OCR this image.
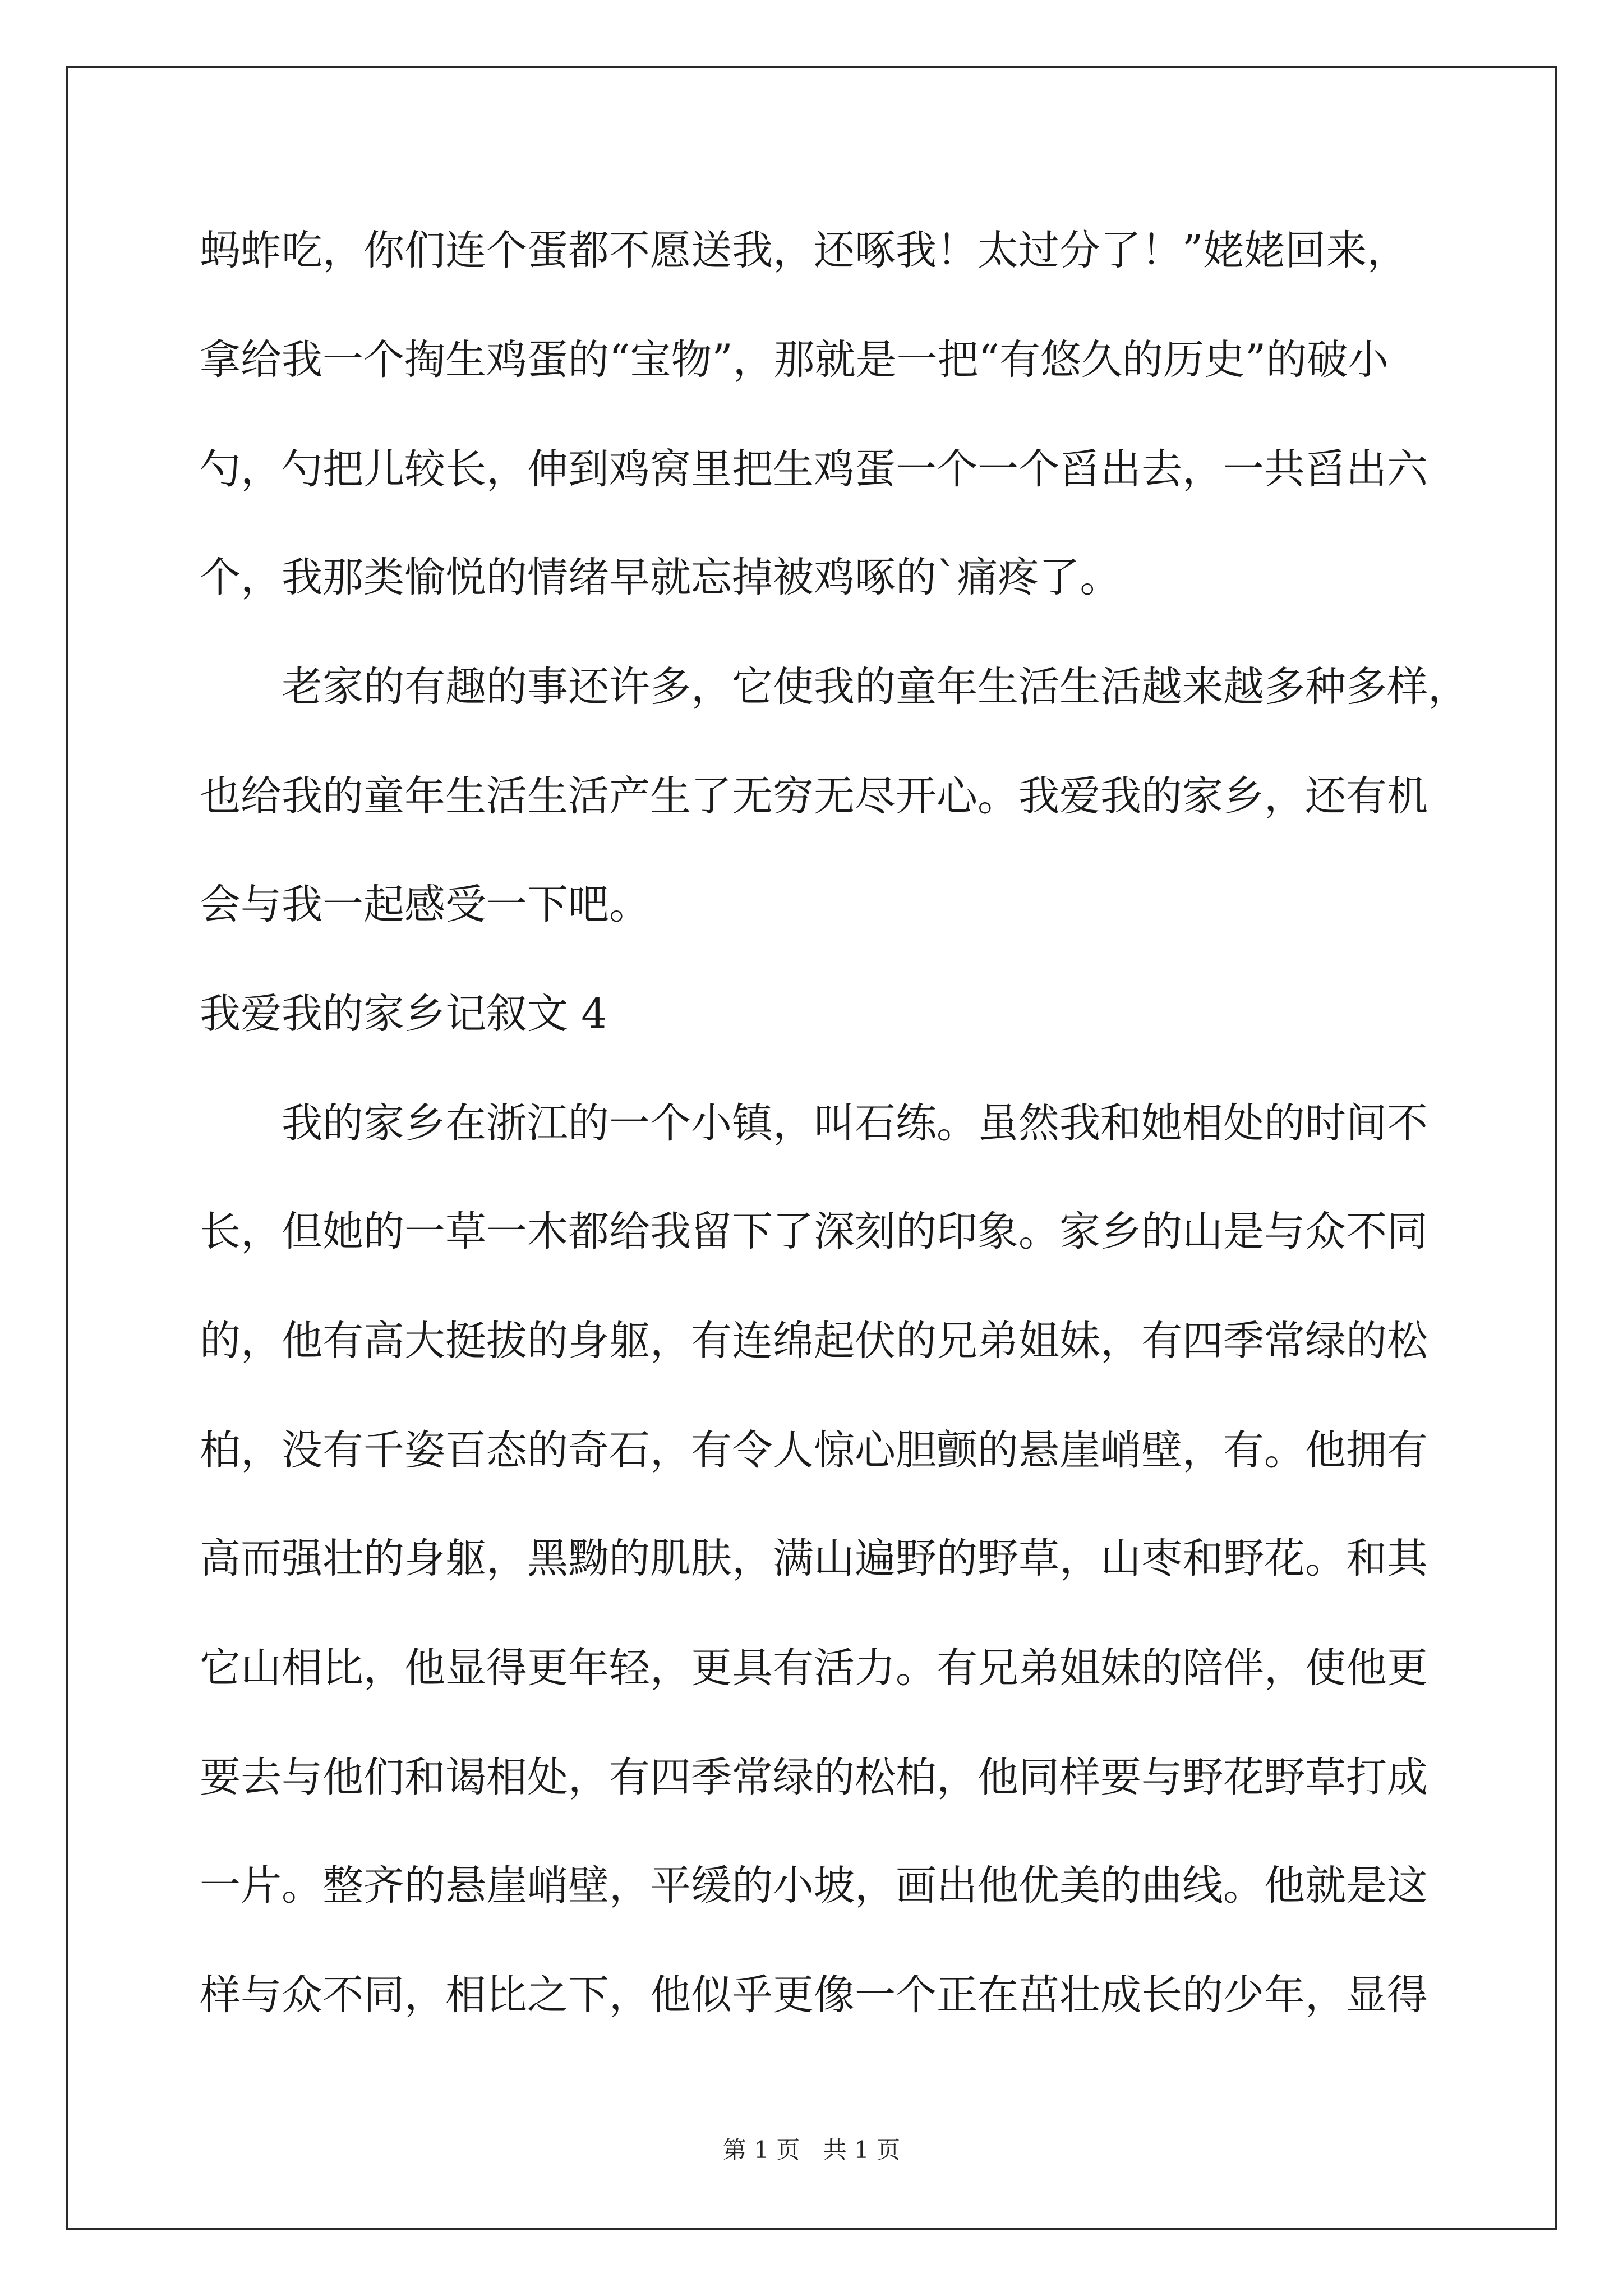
蚂蚱吃，你们连个蛋都不愿送我，还啄我！太过分了！”姥姥回来，
拿给我一个掏生鸡蛋的“宝物”，那就是一把“有悠久的历史”的破小
勺，勺把儿较长，伸到鸡窝里把生鸡蛋一个一个舀出去，一共舀出六
个，我那类愉悦的情绪早就忘掉被鸡啄的`痛疼了。
老家的有趣的事还许多，它使我的童年生活生活越来越多种多样，
也给我的童年生活生活产生了无穷无尽开心。我爱我的家乡，还有机
会与我一起感受一下吧。
我爱我的家乡记叙文 4
我的家乡在浙江的一个小镇，叫石练。虽然我和她相处的时间不
长，但她的一草一木都给我留下了深刻的印象。家乡的山是与众不同
的，他有高大挺拔的身躯，有连绵起伏的兄弟姐妹，有四季常绿的松
柏，没有千姿百态的奇石，有令人惊心胆颤的悬崖峭壁，有。他拥有
高而强壮的身躯，黑黝的肌肤，满山遍野的野草，山枣和野花。和其
它山相比，他显得更年轻，更具有活力。有兄弟姐妹的陪伴，使他更
要去与他们和谒相处，有四季常绿的松柏，他同样要与野花野草打成
一片。整齐的悬崖峭壁，平缓的小坡，画出他优美的曲线。他就是这
样与众不同，相比之下，他似乎更像一个正在茁壮成长的少年，显得
第 1 页 共 1 页
